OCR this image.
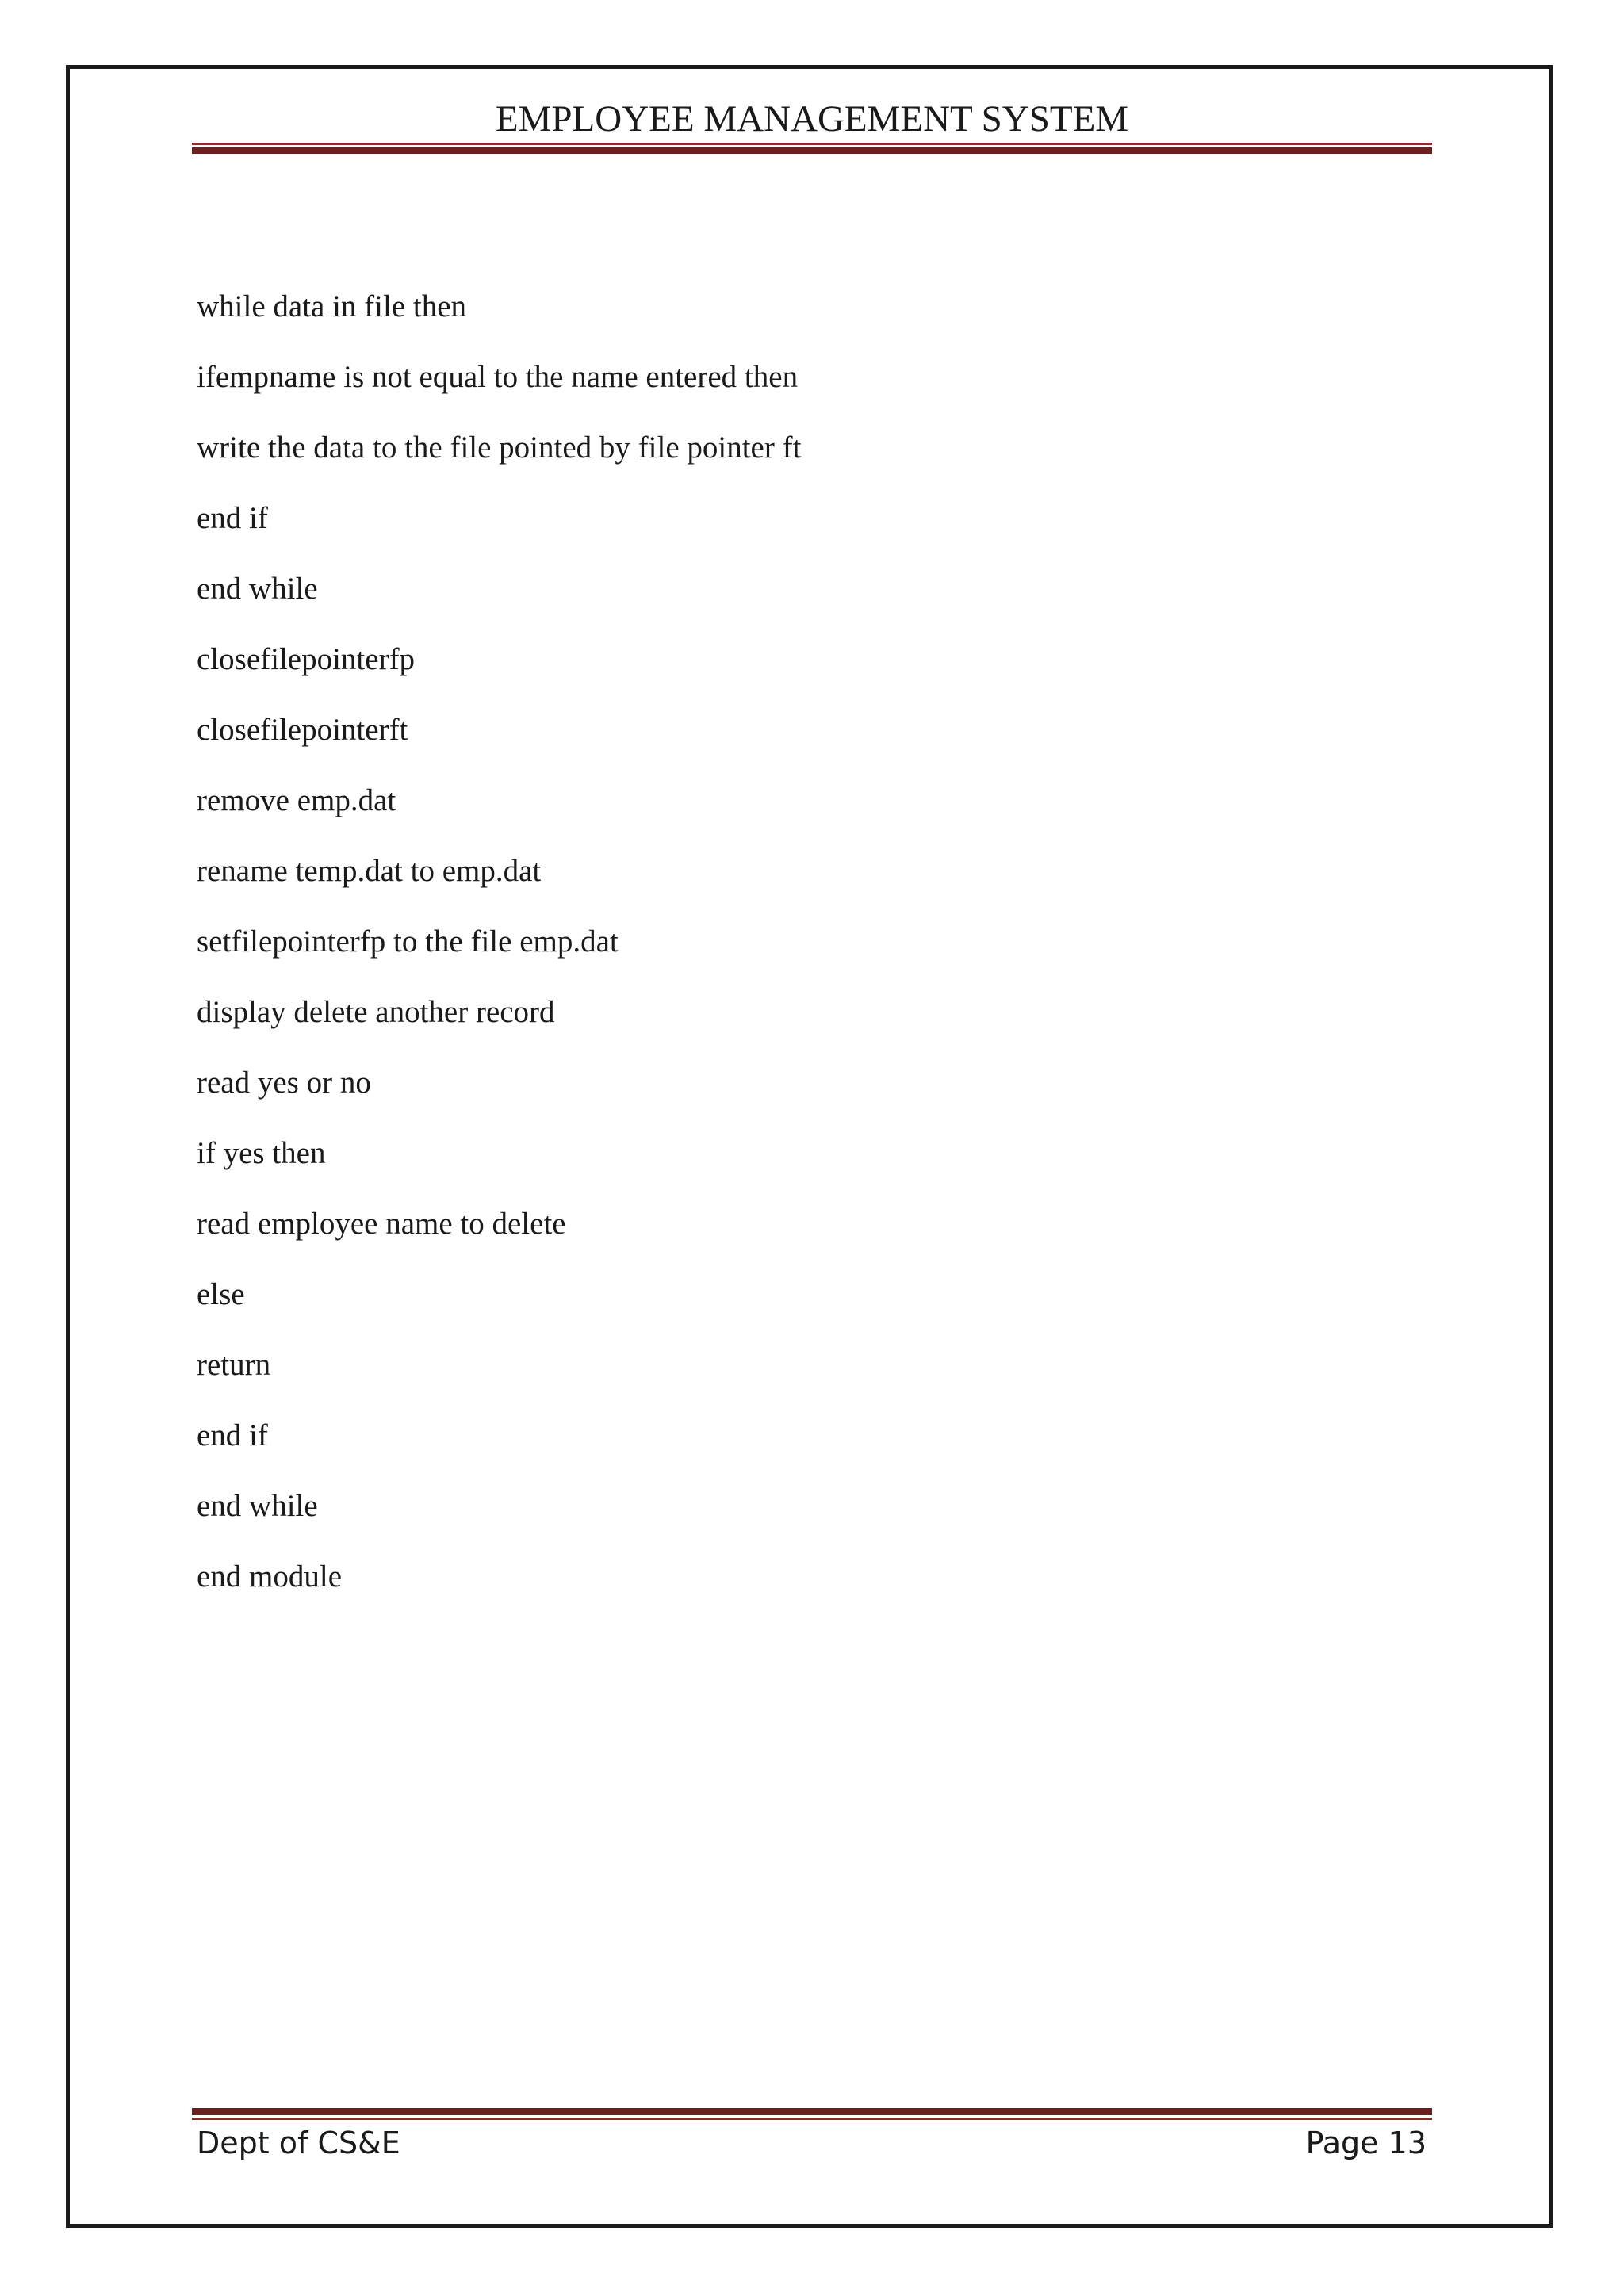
EMPLOYEE MANAGEMENT SYSTEM
while data in file then
ifempname is not equal to the name entered then
write the data to the file pointed by file pointer ft
end if
end while
closefilepointerfp
closefilepointerft
remove emp.dat
rename temp.dat to emp.dat
setfilepointerfp to the file emp.dat
display delete another record
read yes or no
if yes then
read employee name to delete
else
return
end if
end while
end module
Dept of CS&E	Page 13
